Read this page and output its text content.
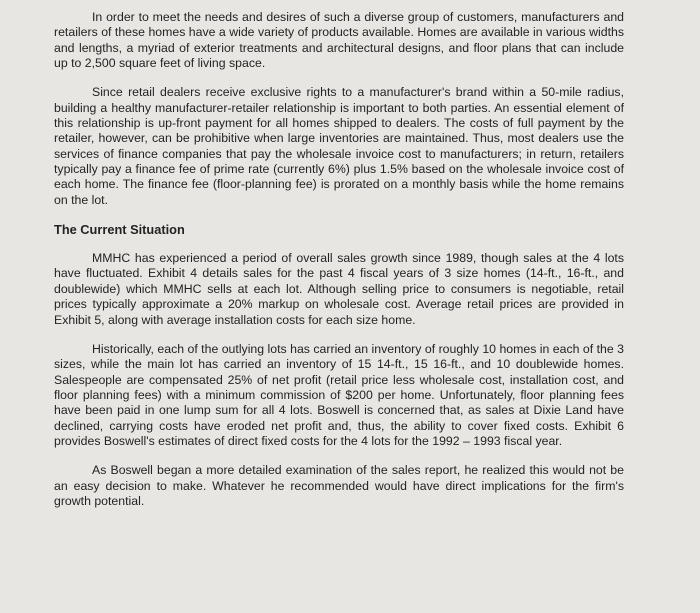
In order to meet the needs and desires of such a diverse group of customers, manufacturers and retailers of these homes have a wide variety of products available. Homes are available in various widths and lengths, a myriad of exterior treatments and architectural designs, and floor plans that can include up to 2,500 square feet of living space.

Since retail dealers receive exclusive rights to a manufacturer's brand within a 50-mile radius, building a healthy manufacturer-retailer relationship is important to both parties. An essential element of this relationship is up-front payment for all homes shipped to dealers. The costs of full payment by the retailer, however, can be prohibitive when large inventories are maintained. Thus, most dealers use the services of finance companies that pay the wholesale invoice cost to manufacturers; in return, retailers typically pay a finance fee of prime rate (currently 6%) plus 1.5% based on the wholesale invoice cost of each home. The finance fee (floor-planning fee) is prorated on a monthly basis while the home remains on the lot.

The Current Situation

MMHC has experienced a period of overall sales growth since 1989, though sales at the 4 lots have fluctuated. Exhibit 4 details sales for the past 4 fiscal years of 3 size homes (14-ft., 16-ft., and doublewide) which MMHC sells at each lot. Although selling price to consumers is negotiable, retail prices typically approximate a 20% markup on wholesale cost. Average retail prices are provided in Exhibit 5, along with average installation costs for each size home.

Historically, each of the outlying lots has carried an inventory of roughly 10 homes in each of the 3 sizes, while the main lot has carried an inventory of 15 14-ft., 15 16-ft., and 10 doublewide homes. Salespeople are compensated 25% of net profit (retail price less wholesale cost, installation cost, and floor planning fees) with a minimum commission of $200 per home. Unfortunately, floor planning fees have been paid in one lump sum for all 4 lots. Boswell is concerned that, as sales at Dixie Land have declined, carrying costs have eroded net profit and, thus, the ability to cover fixed costs. Exhibit 6 provides Boswell's estimates of direct fixed costs for the 4 lots for the 1992 – 1993 fiscal year.

As Boswell began a more detailed examination of the sales report, he realized this would not be an easy decision to make. Whatever he recommended would have direct implications for the firm's growth potential.
